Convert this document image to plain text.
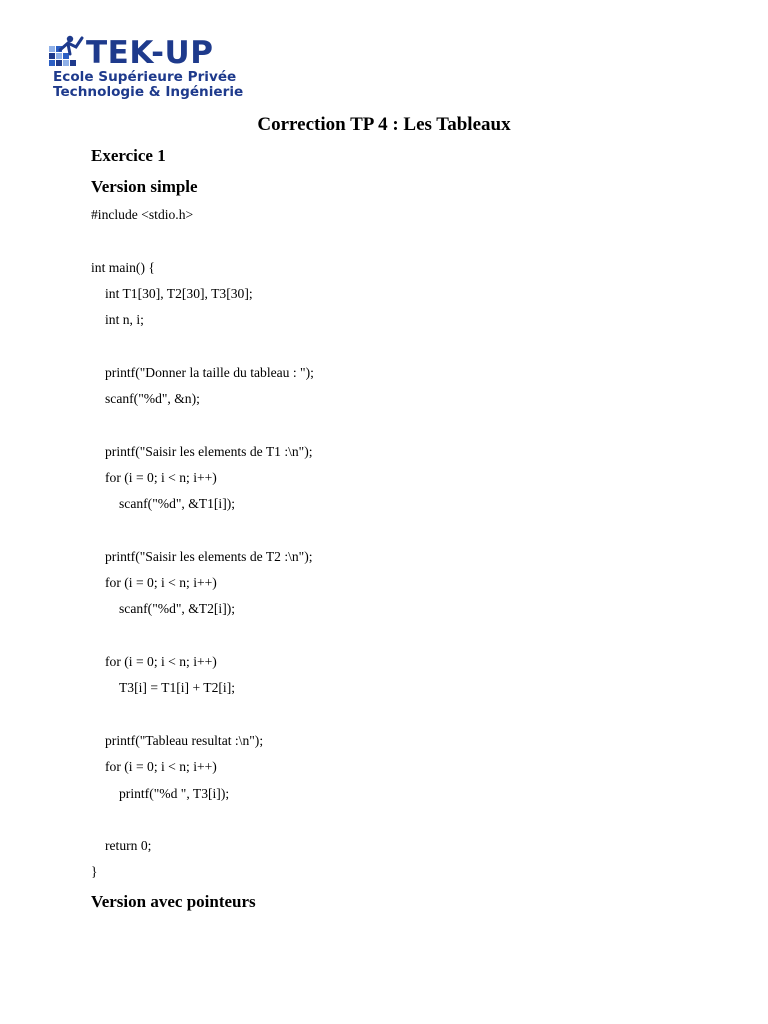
TEK-UP
Ecole Supérieure Privée
Technologie & Ingénierie
Correction TP 4 : Les Tableaux
Exercice 1
Version simple
#include <stdio.h>
int main() {
int T1[30], T2[30], T3[30];
int n, i;
printf("Donner la taille du tableau : ");
scanf("%d", &n);
printf("Saisir les elements de T1 :\n");
for (i = 0; i < n; i++)
scanf("%d", &T1[i]);
printf("Saisir les elements de T2 :\n");
for (i = 0; i < n; i++)
scanf("%d", &T2[i]);
for (i = 0; i < n; i++)
T3[i] = T1[i] + T2[i];
printf("Tableau resultat :\n");
for (i = 0; i < n; i++)
printf("%d ", T3[i]);
return 0;
}
Version avec pointeurs
